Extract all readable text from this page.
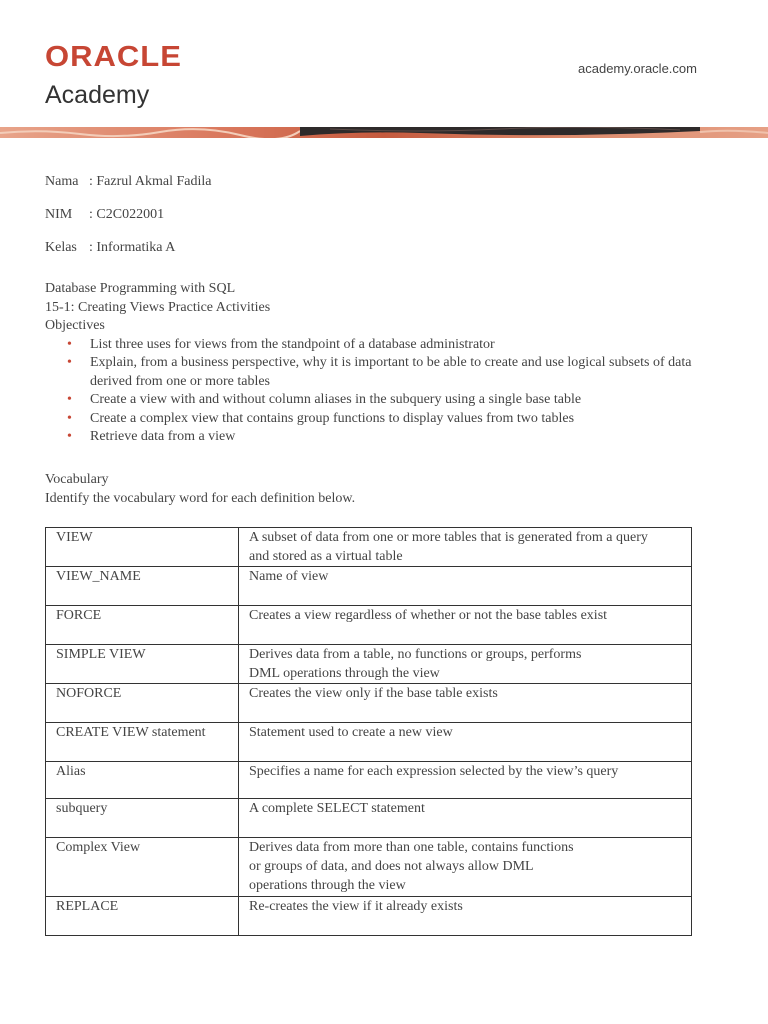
ORACLE
Academy
academy.oracle.com
Nama : Fazrul Akmal Fadila
NIM : C2C022001
Kelas : Informatika A

Database Programming with SQL

15-1: Creating Views Practice Activities

Objectives

• List three uses for views from the standpoint of a database administrator
• Explain, from a business perspective, why it is important to be able to create and use logical subsets of data derived from one or more tables
• Create a view with and without column aliases in the subquery using a single base table
• Create a complex view that contains group functions to display values from two tables
• Retrieve data from a view

Vocabulary

Identify the vocabulary word for each definition below.

VIEW	A subset of data from one or more tables that is generated from a query
and stored as a virtual table

VIEW_NAME	Name of view

FORCE	Creates a view regardless of whether or not the base tables exist

SIMPLE VIEW	Derives data from a table, no functions or groups, performs
DML operations through the view

NOFORCE	Creates the view only if the base table exists

CREATE VIEW statement	Statement used to create a new view

Alias	Specifies a name for each expression selected by the view’s query

subquery	A complete SELECT statement

Complex View	Derives data from more than one table, contains functions
or groups of data, and does not always allow DML
operations through the view

REPLACE	Re-creates the view if it already exists
